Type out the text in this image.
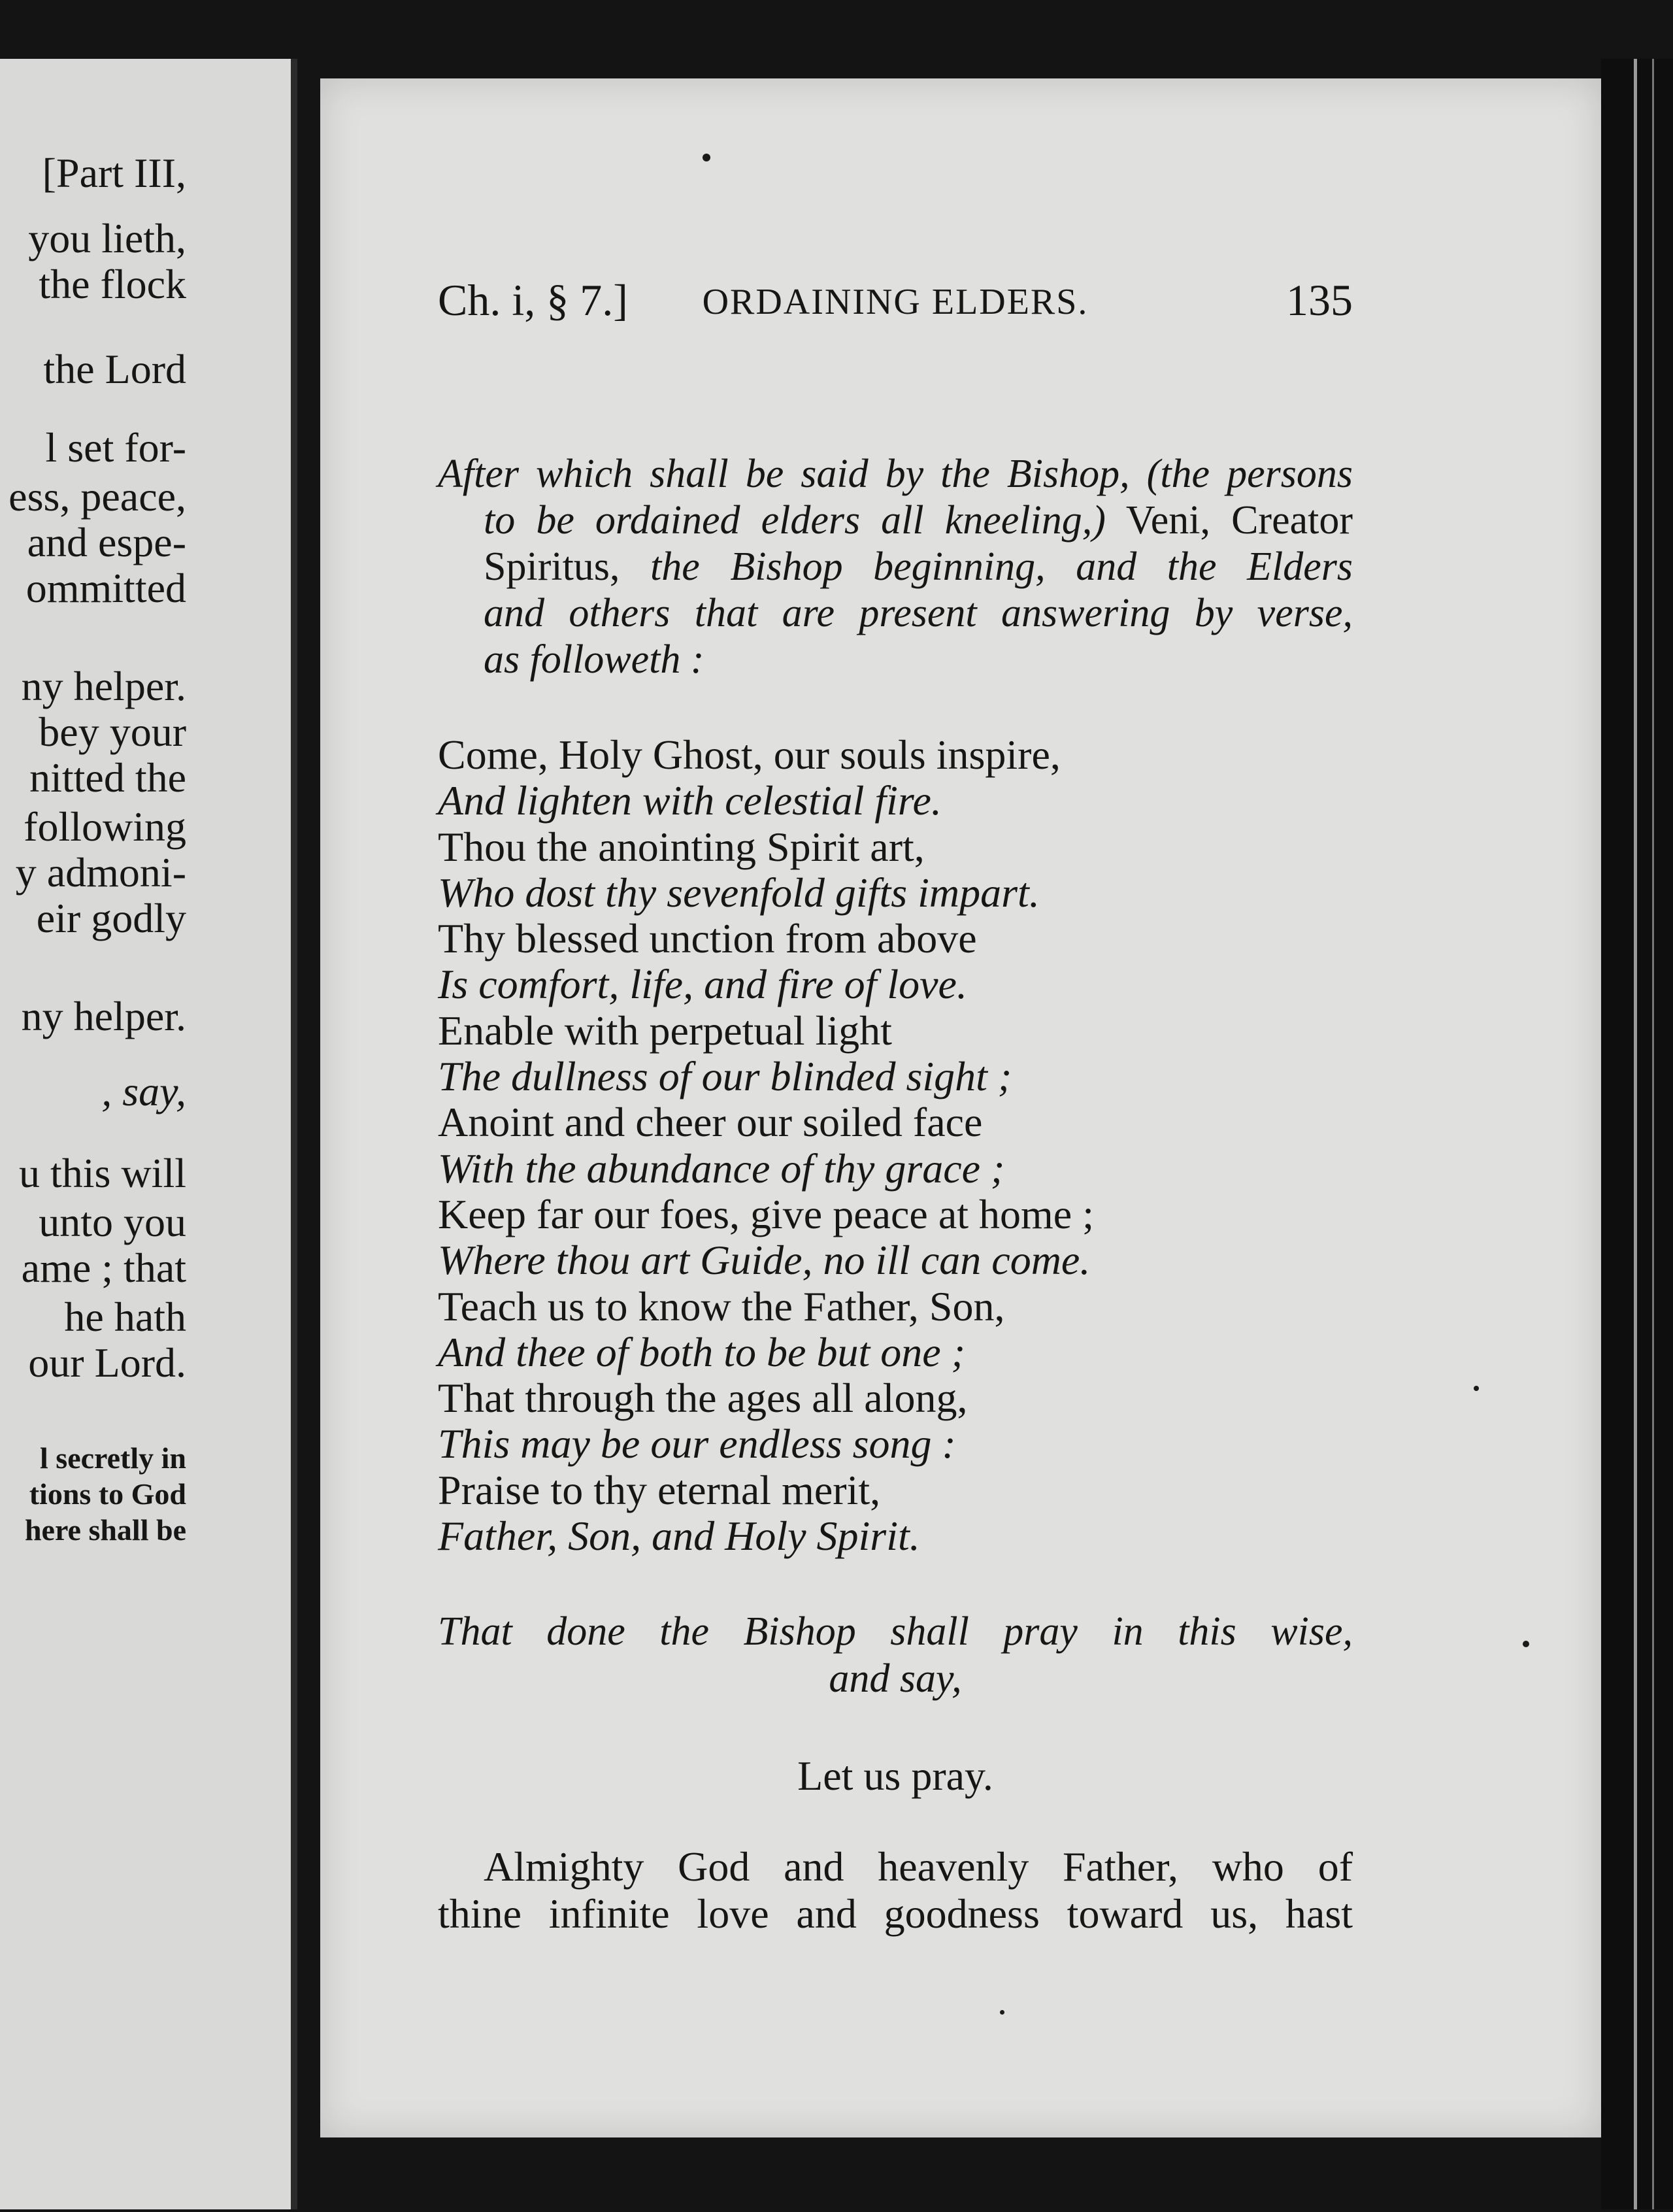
[Part III,
you lieth,
the flock
the Lord
l set for-
ess, peace,
and espe-
ommitted
ny helper.
bey your
nitted the
following
y admoni-
eir godly
ny helper.
, say,
u this will
unto you
ame ; that
he hath
our Lord.
l secretly in
tions to God
here shall be
Ch. i, § 7.] ORDAINING ELDERS.	135
After which shall be said by the Bishop, (the persons
to be ordained elders all kneeling,) Veni, Creator
Spiritus, the Bishop beginning, and the Elders
and others that are present answering by verse,
as followeth :
Come, Holy Ghost, our souls inspire,
And lighten with celestial fire.
Thou the anointing Spirit art,
Who dost thy sevenfold gifts impart.
Thy blessed unction from above
Is comfort, life, and fire of love.
Enable with perpetual light
The dullness of our blinded sight ;
Anoint and cheer our soiled face
With the abundance of thy grace ;
Keep far our foes, give peace at home ;
Where thou art Guide, no ill can come.
Teach us to know the Father, Son,
And thee of both to be but one ;
That through the ages all along,
This may be our endless song :
Praise to thy eternal merit,
Father, Son, and Holy Spirit.
That done the Bishop shall pray in this wise,
and say,
Let us pray.
Almighty God and heavenly Father, who of
thine infinite love and goodness toward us, hast
